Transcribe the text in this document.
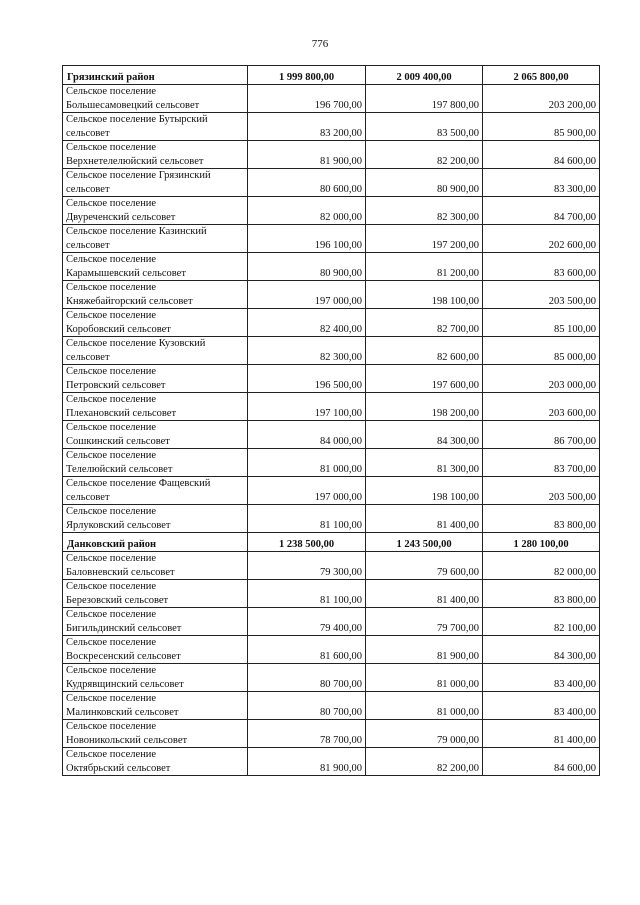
776
Грязинский район	1 999 800,00	2 009 400,00	2 065 800,00

Сельское поселение
Большесамовецкий сельсовет	196 700,00	197 800,00	203 200,00

Сельское поселение Бутырский
сельсовет	83 200,00	83 500,00	85 900,00

Сельское поселение
Верхнетелелюйский сельсовет	81 900,00	82 200,00	84 600,00

Сельское поселение Грязинский
сельсовет	80 600,00	80 900,00	83 300,00

Сельское поселение
Двуреченский сельсовет	82 000,00	82 300,00	84 700,00

Сельское поселение Казинский
сельсовет	196 100,00	197 200,00	202 600,00

Сельское поселение
Карамышевский сельсовет	80 900,00	81 200,00	83 600,00

Сельское поселение
Княжебайгорский сельсовет	197 000,00	198 100,00	203 500,00

Сельское поселение
Коробовский сельсовет	82 400,00	82 700,00	85 100,00

Сельское поселение Кузовский
сельсовет	82 300,00	82 600,00	85 000,00

Сельское поселение
Петровский сельсовет	196 500,00	197 600,00	203 000,00

Сельское поселение
Плехановский сельсовет	197 100,00	198 200,00	203 600,00

Сельское поселение
Сошкинский сельсовет	84 000,00	84 300,00	86 700,00

Сельское поселение
Телелюйский сельсовет	81 000,00	81 300,00	83 700,00

Сельское поселение Фащевский
сельсовет	197 000,00	198 100,00	203 500,00

Сельское поселение
Ярлуковский сельсовет	81 100,00	81 400,00	83 800,00
Данковский район	1 238 500,00	1 243 500,00	1 280 100,00

Сельское поселение
Баловневский сельсовет	79 300,00	79 600,00	82 000,00

Сельское поселение
Березовский сельсовет	81 100,00	81 400,00	83 800,00

Сельское поселение
Бигильдинский сельсовет	79 400,00	79 700,00	82 100,00

Сельское поселение
Воскресенский сельсовет	81 600,00	81 900,00	84 300,00

Сельское поселение
Кудрявщинский сельсовет	80 700,00	81 000,00	83 400,00

Сельское поселение
Малинковский сельсовет	80 700,00	81 000,00	83 400,00

Сельское поселение
Новоникольский сельсовет	78 700,00	79 000,00	81 400,00

Сельское поселение
Октябрьский сельсовет	81 900,00	82 200,00	84 600,00
